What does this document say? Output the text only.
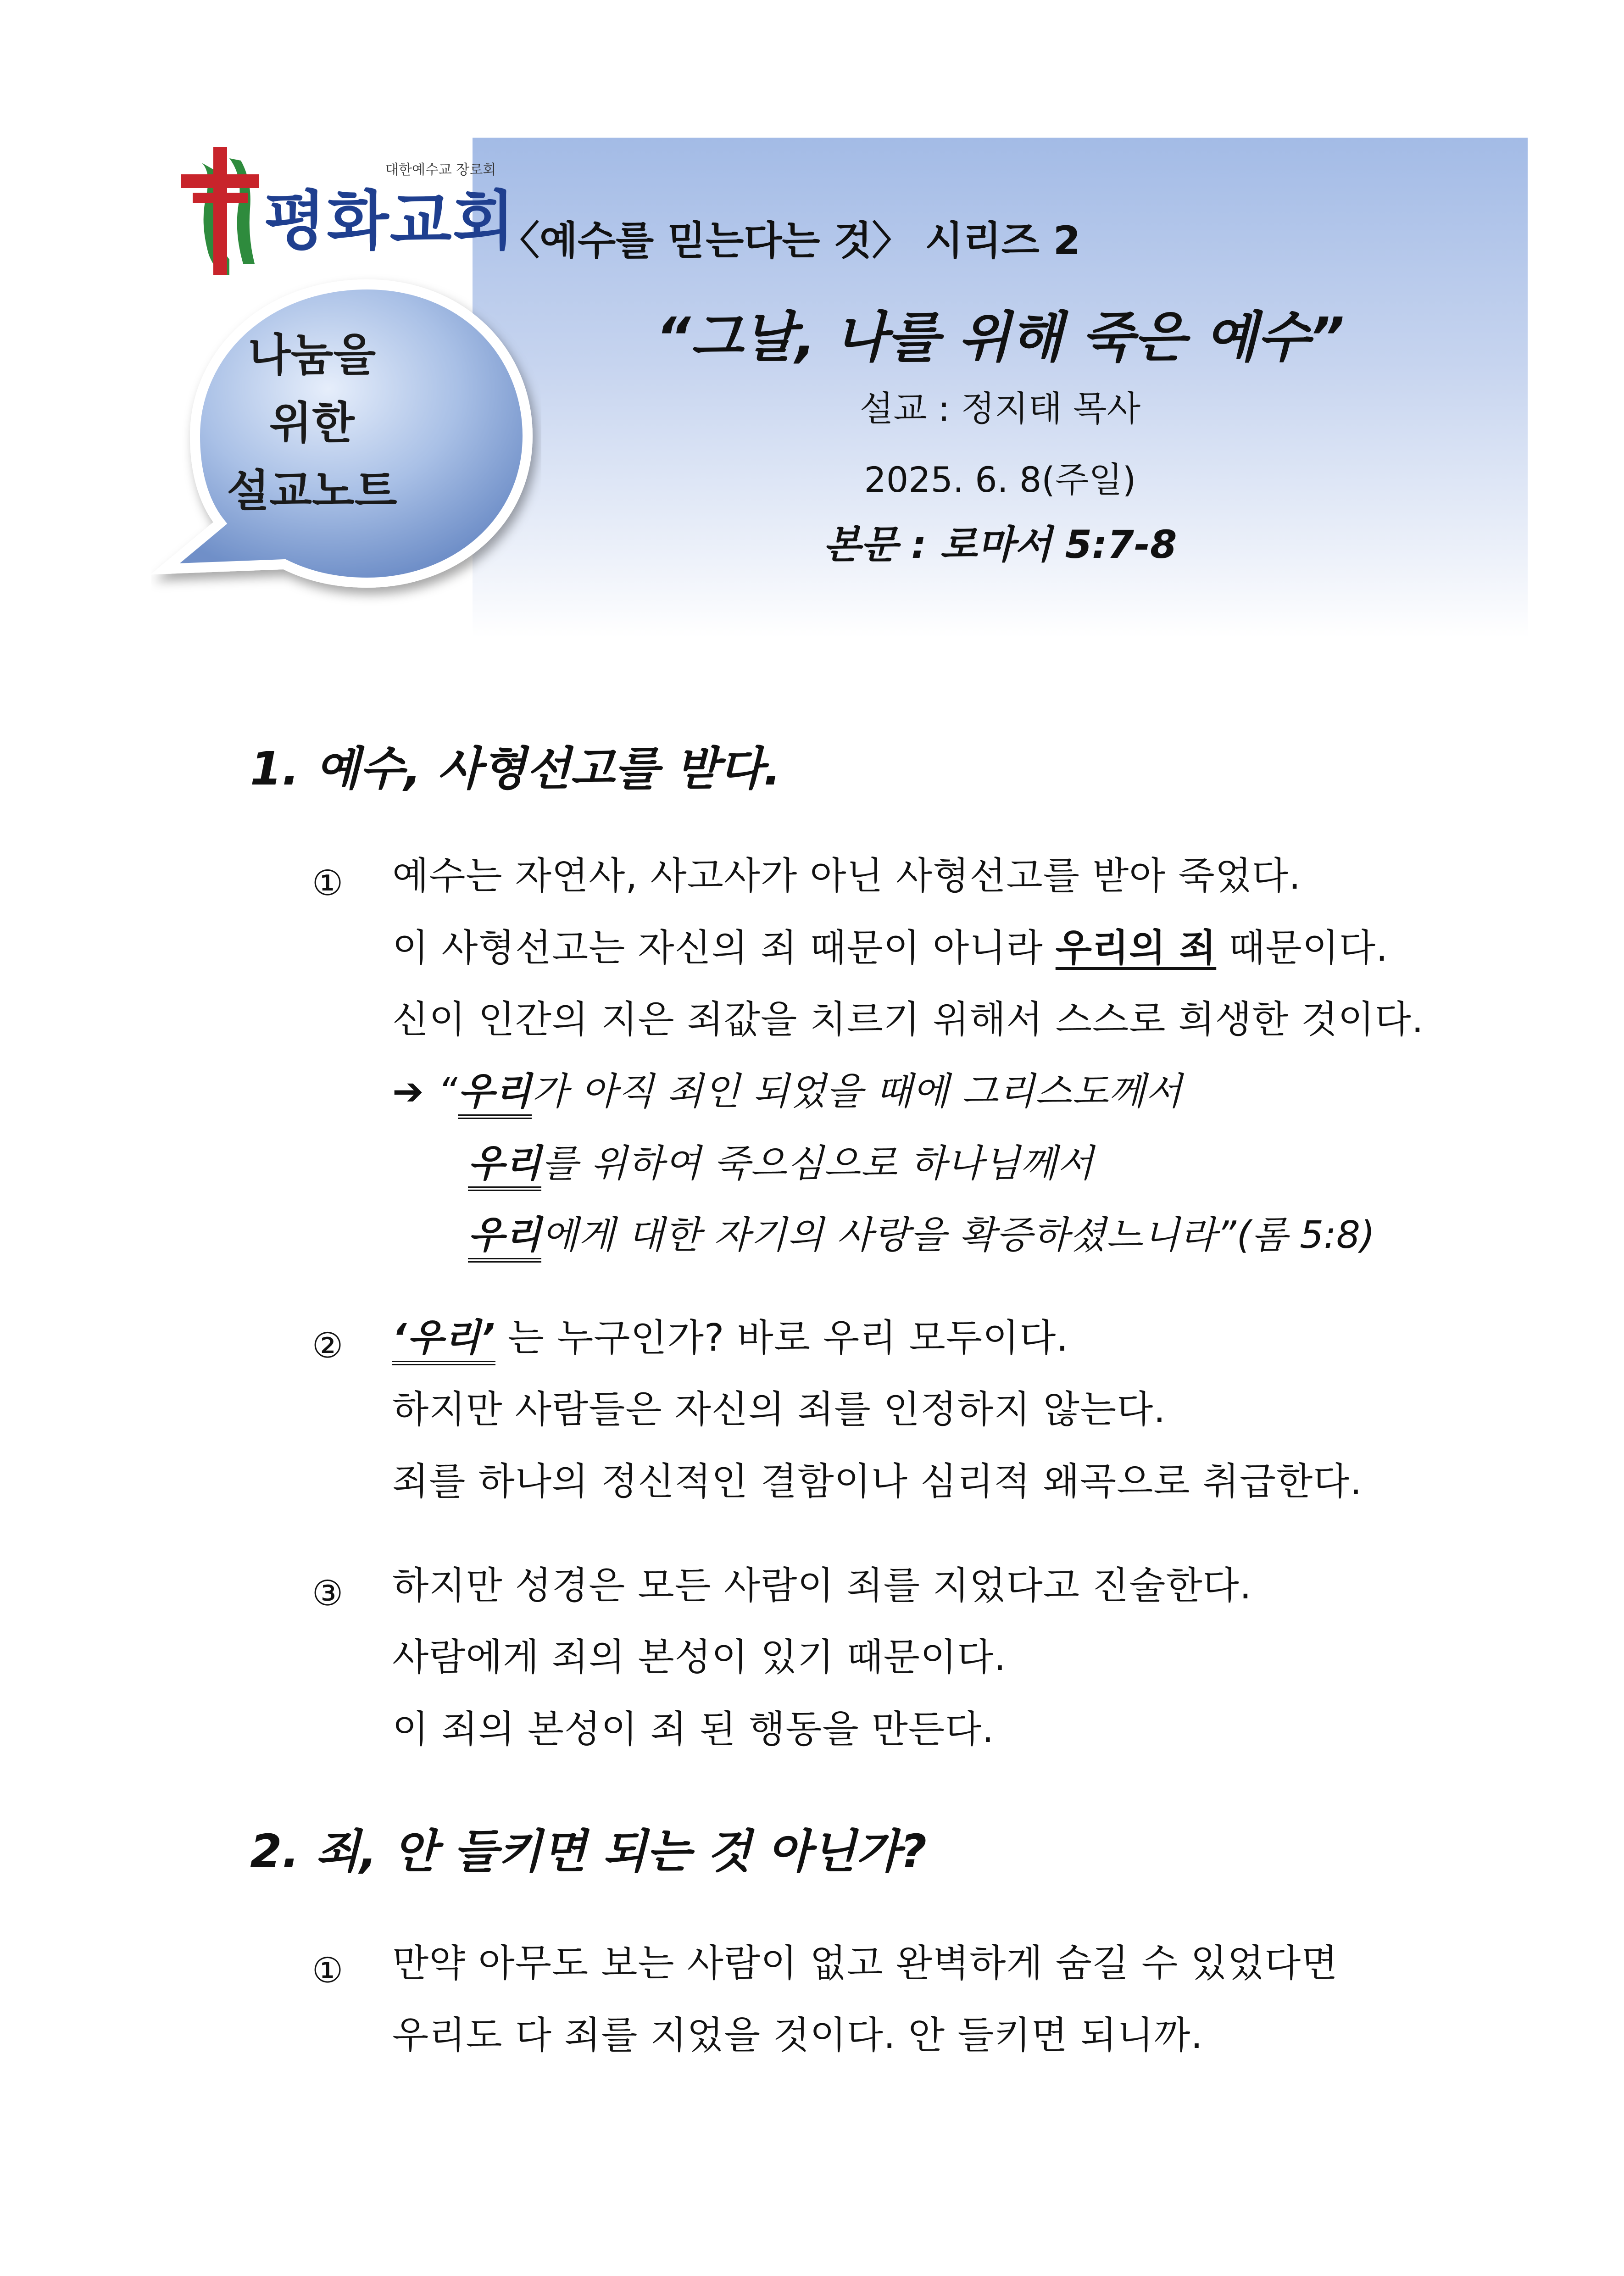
대한예수교 장로회
평화교회
나눔을
위한
설교노트
〈예수를 믿는다는 것〉 시리즈 2
“그날, 나를 위해 죽은 예수”
설교 : 정지태 목사
2025. 6. 8(주일)
본문 : 로마서 5:7-8
1. 예수, 사형선고를 받다.
① 예수는 자연사, 사고사가 아닌 사형선고를 받아 죽었다.
이 사형선고는 자신의 죄 때문이 아니라 우리의 죄 때문이다.
신이 인간의 지은 죄값을 치르기 위해서 스스로 희생한 것이다.
➔ “우리가 아직 죄인 되었을 때에 그리스도께서
우리를 위하여 죽으심으로 하나님께서
우리에게 대한 자기의 사랑을 확증하셨느니라”(롬 5:8)
② ‘우리’ 는 누구인가? 바로 우리 모두이다.
하지만 사람들은 자신의 죄를 인정하지 않는다.
죄를 하나의 정신적인 결함이나 심리적 왜곡으로 취급한다.
③ 하지만 성경은 모든 사람이 죄를 지었다고 진술한다.
사람에게 죄의 본성이 있기 때문이다.
이 죄의 본성이 죄 된 행동을 만든다.
2. 죄, 안 들키면 되는 것 아닌가?
① 만약 아무도 보는 사람이 없고 완벽하게 숨길 수 있었다면
우리도 다 죄를 지었을 것이다. 안 들키면 되니까.
